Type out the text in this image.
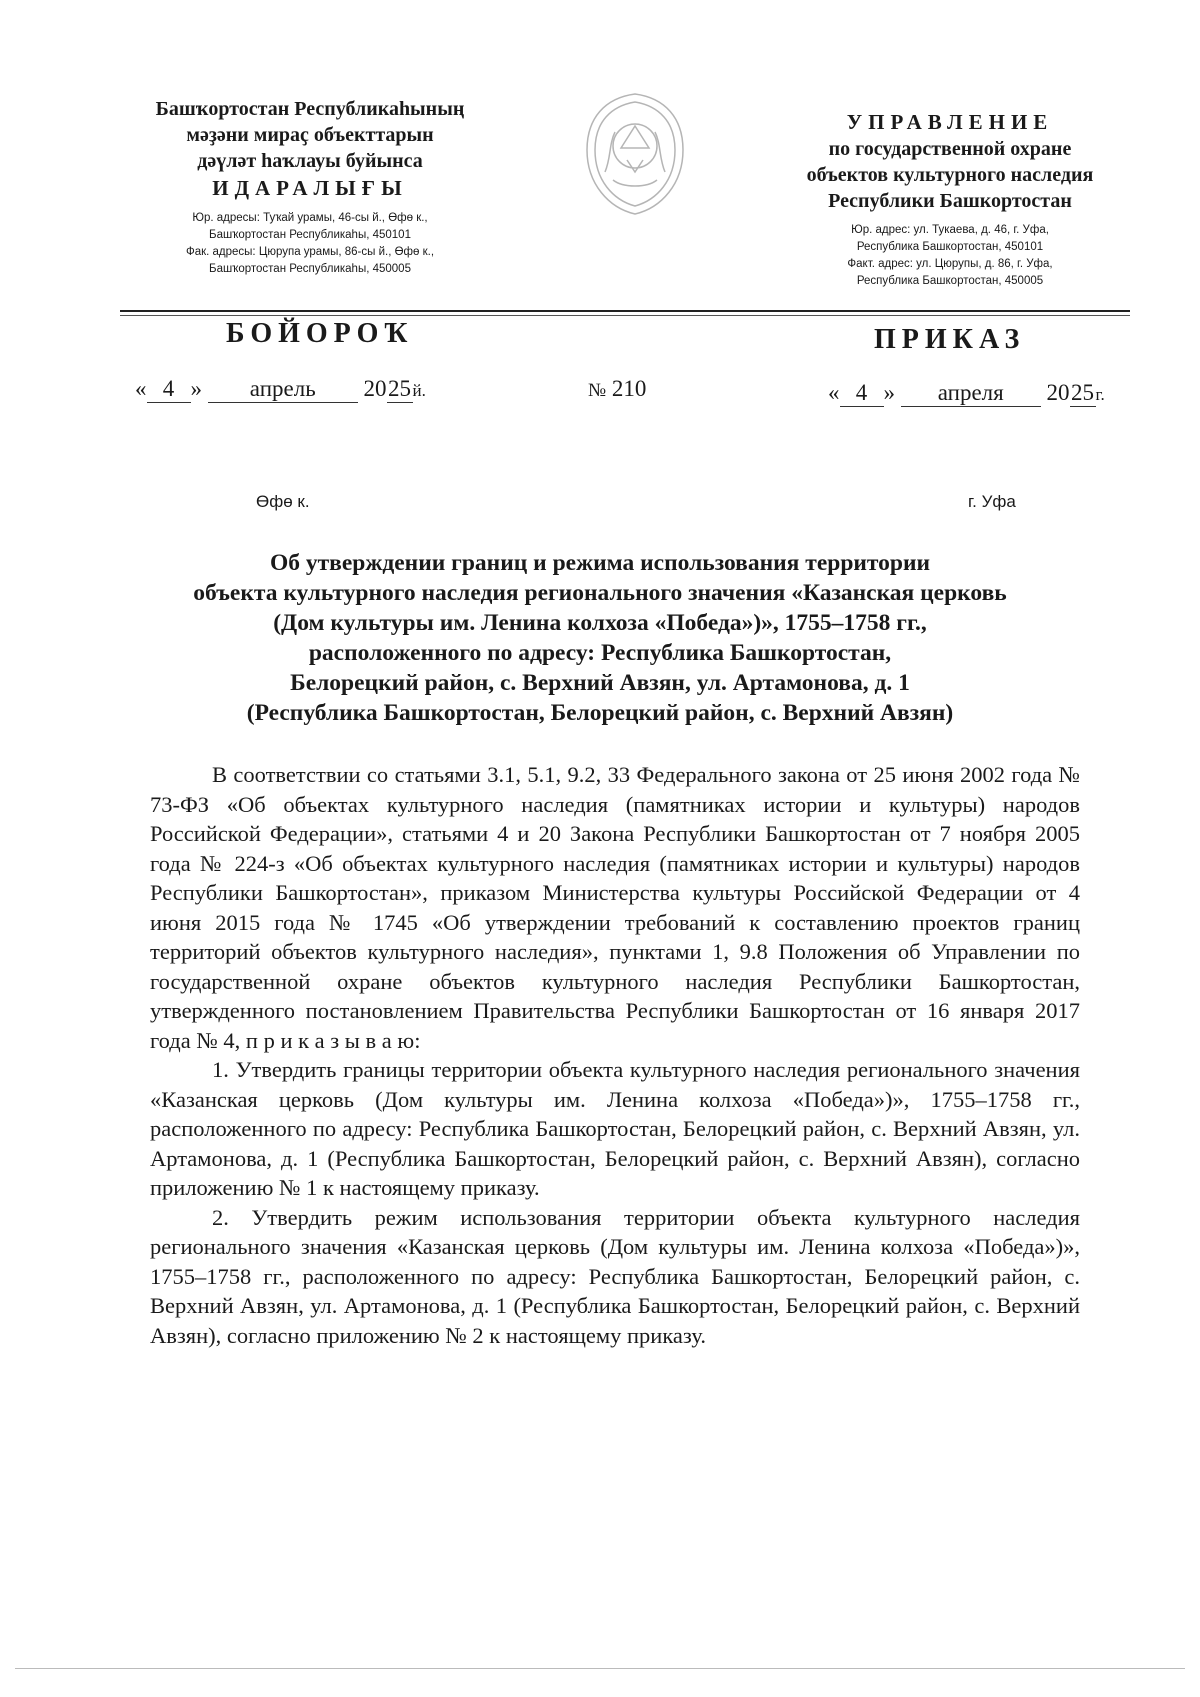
Башҡортостан Республикаһының
мәҙәни мираҫ объекттарын
дәүләт һаҡлауы буйынса
ИДАРАЛЫҒЫ
Юр. адресы: Туҡай урамы, 46-сы й., Өфө к.,
Башҡортостан Республикаһы, 450101
Фак. адресы: Цюрупа урамы, 86-сы й., Өфө к.,
Башҡортостан Республикаһы, 450005
УПРАВЛЕНИЕ
по государственной охране
объектов культурного наследия
Республики Башкортостан
Юр. адрес: ул. Тукаева, д. 46, г. Уфа,
Республика Башкортостан, 450101
Факт. адрес: ул. Цюрупы, д. 86, г. Уфа,
Республика Башкортостан, 450005
БОЙОРОҠ	ПРИКАЗ
« 4 » апрель 2025й.	№ 210	« 4 » апреля 2025г.
Өфө к.	г. Уфа
Об утверждении границ и режима использования территории
объекта культурного наследия регионального значения «Казанская церковь
(Дом культуры им. Ленина колхоза «Победа»)», 1755–1758 гг.,
расположенного по адресу: Республика Башкортостан,
Белорецкий район, с. Верхний Авзян, ул. Артамонова, д. 1
(Республика Башкортостан, Белорецкий район, с. Верхний Авзян)

В соответствии со статьями 3.1, 5.1, 9.2, 33 Федерального закона от 25 июня 2002 года № 73-ФЗ «Об объектах культурного наследия (памятниках истории и культуры) народов Российской Федерации», статьями 4 и 20 Закона Республики Башкортостан от 7 ноября 2005 года № 224-з «Об объектах культурного наследия (памятниках истории и культуры) народов Республики Башкортостан», приказом Министерства культуры Российской Федерации от 4 июня 2015 года № 1745 «Об утверждении требований к составлению проектов границ территорий объектов культурного наследия», пунктами 1, 9.8 Положения об Управлении по государственной охране объектов культурного наследия Республики Башкортостан, утвержденного постановлением Правительства Республики Башкортостан от 16 января 2017 года № 4, п р и к а з ы в а ю:

1. Утвердить границы территории объекта культурного наследия регионального значения «Казанская церковь (Дом культуры им. Ленина колхоза «Победа»)», 1755–1758 гг., расположенного по адресу: Республика Башкортостан, Белорецкий район, с. Верхний Авзян, ул. Артамонова, д. 1 (Республика Башкортостан, Белорецкий район, с. Верхний Авзян), согласно приложению № 1 к настоящему приказу.

2. Утвердить режим использования территории объекта культурного наследия регионального значения «Казанская церковь (Дом культуры им. Ленина колхоза «Победа»)», 1755–1758 гг., расположенного по адресу: Республика Башкортостан, Белорецкий район, с. Верхний Авзян, ул. Артамонова, д. 1 (Республика Башкортостан, Белорецкий район, с. Верхний Авзян), согласно приложению № 2 к настоящему приказу.
